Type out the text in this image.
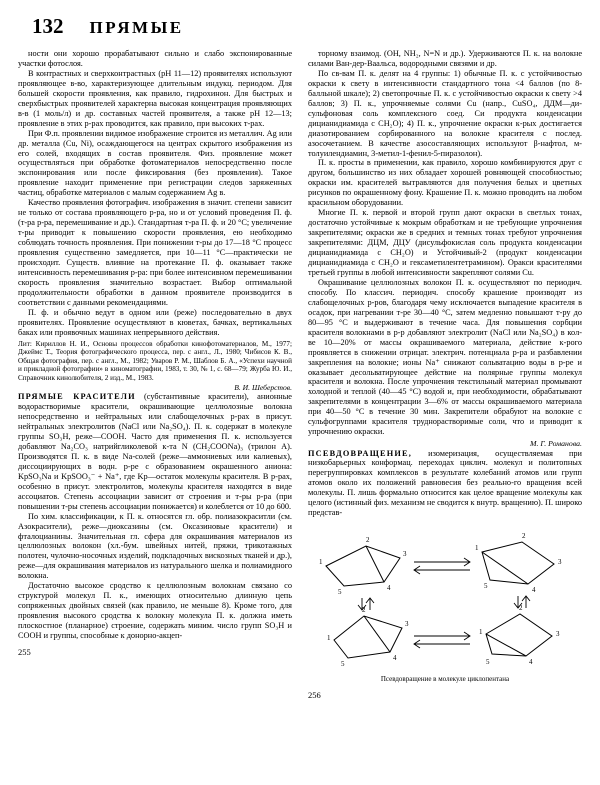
132 ПРЯМЫЕ

ности они хорошо прорабатывают сильно и слабо экспонированные участки фотослоя.

В контрастных и сверхконтрастных (рН 11—12) проявителях используют проявляющее в-во, характеризующее длительным индукц. периодом. Для большей скорости проявления, как правило, гидрохинон. Для быстрых и сверхбыстрых проявителей характерна высокая концентрация проявляющих в-в (1 моль/л) и др. составных частей проявителя, а также рН 12—13; проявление в этих р-рах проводится, как правило, при высоких т-рах.

При Ф.п. проявлении видимое изображение строится из металлич. Ag или др. металла (Cu, Ni), осаждающегося на центрах скрытого изображения из его солей, входящих в состав проявителя. Физ. проявление может осуществляться при обработке фотоматериалов непосредственно после экспонирования или после фиксирования (без проявления). Такое проявление находит применение при регистрации следов заряженных частиц, обработке материалов с малым содержанием Ag в.

Качество проявления фотографич. изображения в значит. степени зависит не только от состава проявляющего р-ра, но и от условий проведения П. ф. (т-ра р-ра, перемешивание и др.). Стандартная т-ра П. ф. и 20 °C; увеличение т-ры приводит к повышению скорости проявления, ею необходимо соблюдать точность проявления. При понижении т-ры до 17—18 °C процесс проявления существенно замедляется, при 10—11 °C—практически не происходит. Существ. влияние на протекание П. ф. оказывает также интенсивность перемешивания р-ра: при более интенсивном перемешивании скорость проявления значительно возрастает. Выбор оптимальной продолжительности обработки в данном проявителе производится в соответствии с данными рекомендациями.

П. ф. и обычно ведут в одном или (реже) последовательно в двух проявителях. Проявление осуществляют в кюветах, бачках, вертикальных баках или проявочных машинах непрерывного действия.

Лит: Кириллов Н. И., Основы процессов обработки кинофотоматериалов, М., 1977; Джеймс Т., Теория фотографического процесса, пер. с англ., Л., 1980; Чибисов К. В., Общая фотография, пер. с англ., М., 1982; Уваров Р. М., Шаблов Б. А., «Успехи научной и прикладной фотографии» в киноматографии, 1983, т. 30, № 1, с. 68—79; Журба Ю. И., Справочник кинолюбителя, 2 изд., М., 1983.
В. И. Шеберстов.

ПРЯМЫЕ КРАСИТЕЛИ (субстантивные красители), анионные водорастворимые красители, окрашивающие целлюлозные волокна непосредственно и нейтральных или слабощелочных р-рах в присут. нейтральных электролитов (NaCl или Na₂SO₄). П. к. содержат в молекуле группы SO₃H, реже—COOH. Часто для применения П. к. используется добавляют Na₂CO₃ натрийгликолевой к-та N (CH₂COONa)₃ (трилон А). Производятся П. к. в виде Na-солей (реже—аммониевых или калиевых), диссоциирующих в водн. р-ре с образованием окрашенного аниона: KpSO₃Na и KpSOO₃⁻ + Na⁺, где Kp—остаток молекулы красителя. В р-рах, особенно в присут. электролитов, молекулы красителя находятся в виде ассоциатов. Степень ассоциации зависит от строения и т-ры р-ра (при повышении т-ры степень ассоциации понижается) и колеблется от 10 до 600.

По хим. классификации, к П. к. относятся гл. обр. полиазокраситли (см. Азокрасители), реже—диоксазины (см. Оксазиновые красители) и фталоцианины. Значительная гл. сфера для окрашивания материалов из целлюлозных волокон (хл.-бум. швейных нитей, пряжи, трикотажных полотен, чулочно-носочных изделий, подкладочных вискозных тканей и др.), реже—для окрашивания материалов из натурального шелка и полиамидного волокна.

Достаточно высокое сродство к целлюлозным волокнам связано со структурой молекул П. к., имеющих относительно длинную цепь сопряженных двойных связей (как правило, не меньше 8). Кроме того, для проявления высокого сродства к волокну молекула П. к. должна иметь плоскостное (планарное) строение, содержать миним. число групп SO₃H и COOH и группы, способные к донорно-акцеп-

255

торному взаимод. (OH, NH₂, N=N и др.). Удерживаются П. к. на волокне силами Ван-дер-Ваальса, водородными связями и др.

По св-вам П. к. делят на 4 группы: 1) обычные П. к. с устойчивостью окраски к свету в интенсивности стандартного тона <4 баллов (по 8-балльной шкале); 2) светопрочные П. к. с устойчивостью окраски к свету >4 баллов; 3) П. к., упрочняемые солями Cu (напр., CuSO₄, ДДМ—ди-сульфоновая соль комплексного соед. Си продукта конденсации дицианидиамида с CH₂O); 4) П. к., упрочнение окраски к-рых достигается диазотированием сорбированного на волокне красителя с послед. азосочетанием. В качестве азосоставляющих используют β-нафтол, м-толуилендиамин, 3-метил-1-фенил-5-пиразолон).

П. к. просты в применении, как правило, хорошо комбинируются друг с другом, большинство из них обладает хорошей ровняющей способностью; окраски им. красителей вытравляются для получения белых и цветных рисунков по окрашенному фону. Крашение П. к. можно проводить на любом красильном оборудовании.

Многие П. к. первой и второй групп дают окраски в светлых тонах, достаточно устойчивые к мокрым обработкам и не требующие упрочнения закрепителями; окраски же в средних и темных тонах требуют упрочнения закрепителями: ДЦМ, ДЦУ (дисульфокислая соль продукта конденсации дицианидиамида с CH₂O) и Устойчивый-2 (продукт конденсации дицианидиамида с CH₂O и гексаметилентетрамином). Оракси красителями третьей группы в любой интенсивности закрепляют солями Cu.

Окрашивание целлюлозных волокон П. к. осуществляют по периодич. способу. По классич. периодич. способу крашение производят из слабощелочных р-ров, благодаря чему исключается выпадение красителя в осадок, при нагревании т-ре 30—40 °C, затем медленно повышают т-ру до 80—95 °C и выдерживают в течение часа. Для повышения сорбции красителя волокнами в р-р добавляют электролит (NaCl или Na₂SO₄) в кол-ве 10—20% от массы окрашиваемого материала, действие к-рого проявляется в снижении отрицат. электрич. потенциала р-ра и разбавлении закрепления на волокне; ионы Na⁺ снижают сольватацию воды в р-ре и оказывает десольватирующее действие на полярные группы молекул красителя и волокна. После упрочнения текстильный материал промывают холодной и теплой (40—45 °C) водой и, при необходимости, обрабатывают закрепителями в концентрации 3—6% от массы окрашиваемого материала при 40—50 °C в течение 30 мин. Закрепители обрабуют на волокне с сульфогруппами красителя труднорастворимые соли, что и приводит к упрочнению окраски.

М. Г. Романова.

ПСЕВДОВРАЩЕНИЕ, изомеризация, осуществляемая при низкобарьерных конформац. переходах циклич. молекул и политопных перегруппировках комплексов в результате колебаний атомов или групп атомов около их положений равновесия без реально-го вращения всей молекулы. П. лишь формально относится как целое вращение молекулы как целого (истинный физ. механизм не сводится к внутр. вращению). П. широко представ-

1
2
3
4
5
1
2
3
4
5
1
2
3
4
5
1
2
3
4
5
Псевдовращение в молекуле циклопентана
256
